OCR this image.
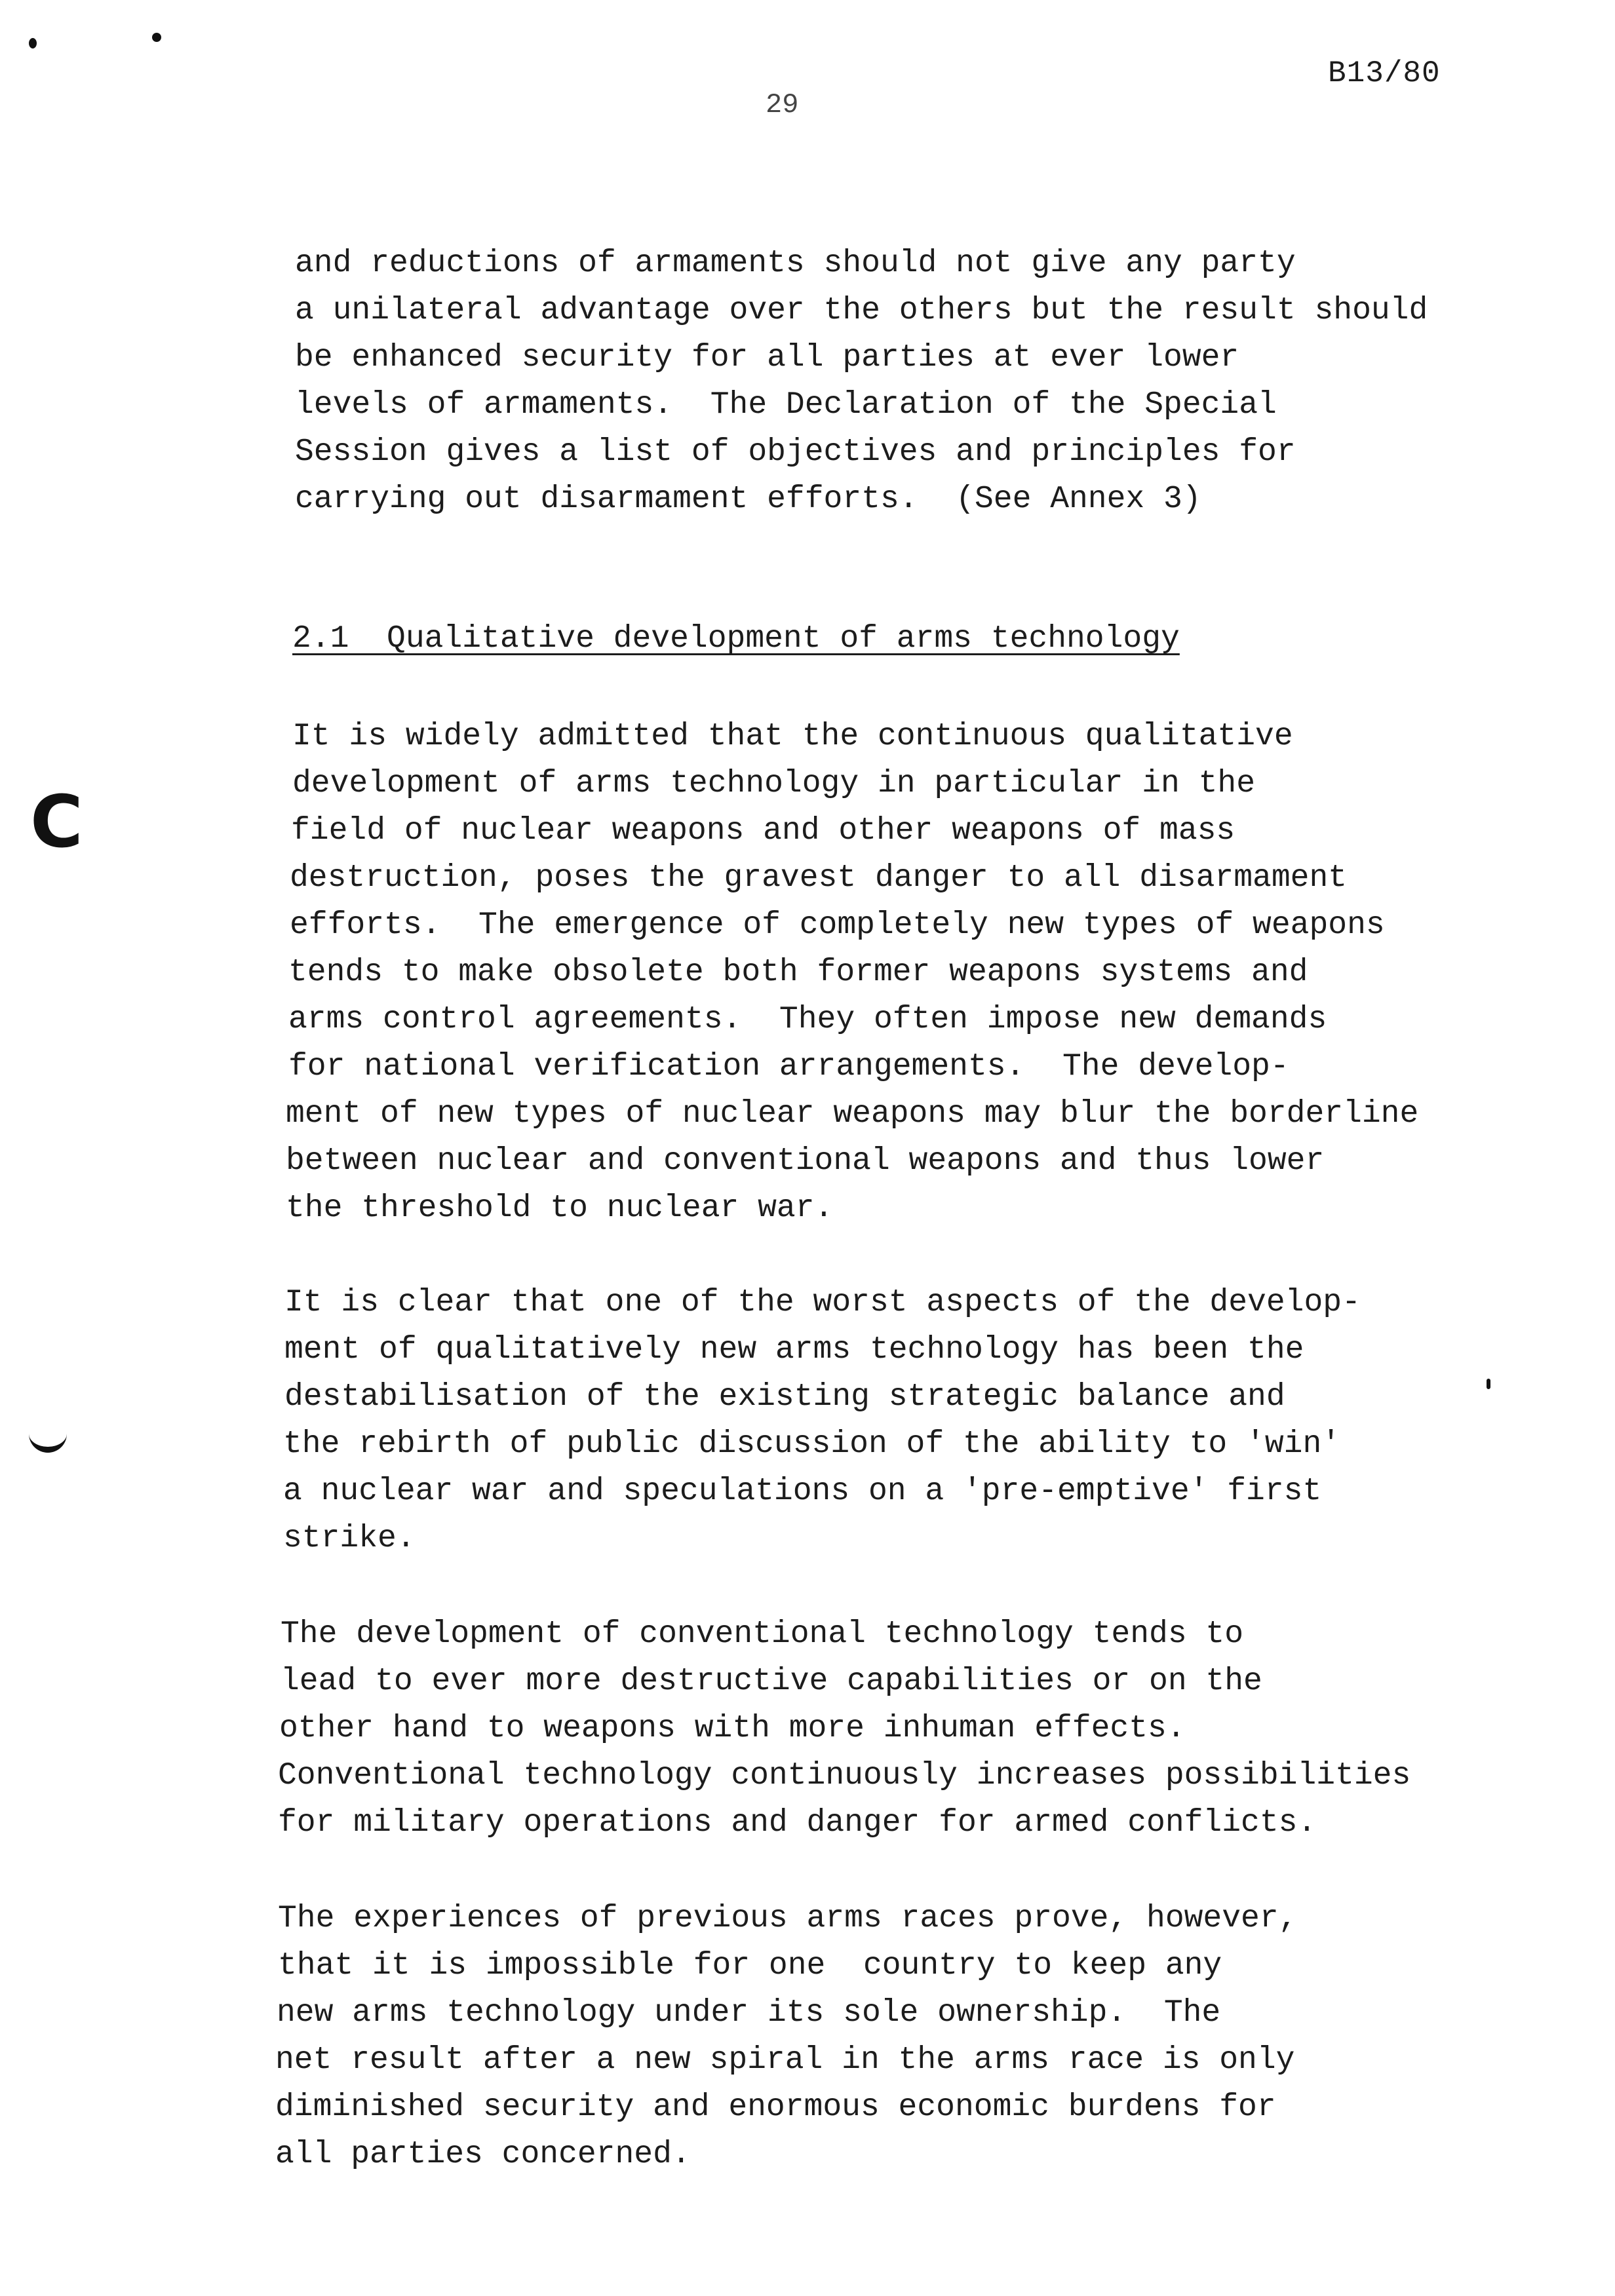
C
B13/80
29
and reductions of armaments should not give any party
a unilateral advantage over the others but the result should
be enhanced security for all parties at ever lower
levels of armaments.  The Declaration of the Special
Session gives a list of objectives and principles for
carrying out disarmament efforts.  (See Annex 3)
2.1  Qualitative development of arms technology
It is widely admitted that the continuous qualitative
development of arms technology in particular in the
field of nuclear weapons and other weapons of mass
destruction, poses the gravest danger to all disarmament
efforts.  The emergence of completely new types of weapons
tends to make obsolete both former weapons systems and
arms control agreements.  They often impose new demands
for national verification arrangements.  The develop-
ment of new types of nuclear weapons may blur the borderline
between nuclear and conventional weapons and thus lower
the threshold to nuclear war.
It is clear that one of the worst aspects of the develop-
ment of qualitatively new arms technology has been the
destabilisation of the existing strategic balance and
the rebirth of public discussion of the ability to 'win'
a nuclear war and speculations on a 'pre-emptive' first
strike.
The development of conventional technology tends to
lead to ever more destructive capabilities or on the
other hand to weapons with more inhuman effects.
Conventional technology continuously increases possibilities
for military operations and danger for armed conflicts.
The experiences of previous arms races prove, however,
that it is impossible for one  country to keep any
new arms technology under its sole ownership.  The
net result after a new spiral in the arms race is only
diminished security and enormous economic burdens for
all parties concerned.
